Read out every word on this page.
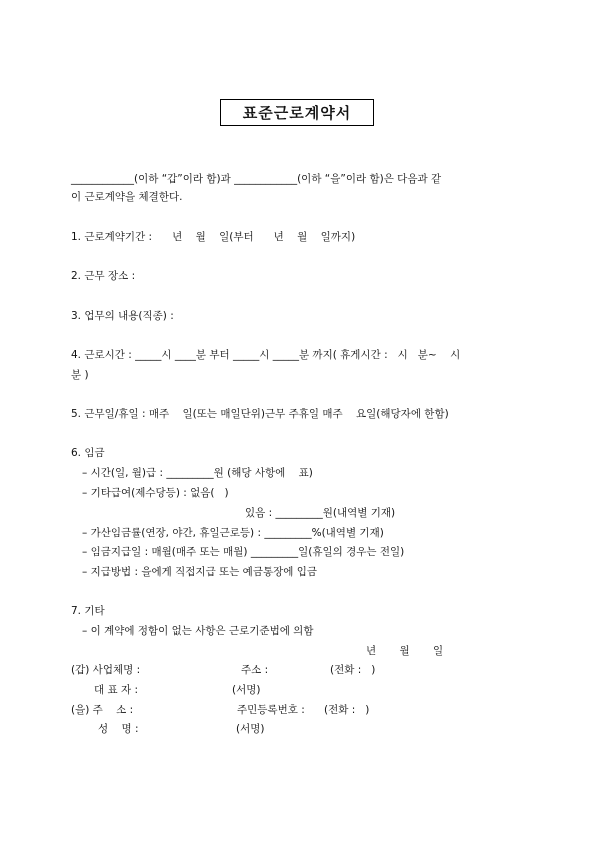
표준근로계약서
____________(이하 “갑”이라 함)과 ____________(이하 “을”이라 함)은 다음과 같
이 근로계약을 체결한다.
1. 근로계약기간 :      년    월    일(부터      년    월    일까지)
2. 근무 장소 :
3. 업무의 내용(직종) :
4. 근로시간 : _____시 ____분 부터 _____시 _____분 까지( 휴게시간 :   시   분~    시
분 )
5. 근무일/휴일 : 매주    일(또는 매일단위)근무 주휴일 매주    요일(해당자에 한함)
6. 임금
– 시간(일, 월)급 : _________원 (해당 사항에    표)
– 기타급여(제수당등) : 없음(   )
있음 : _________원(내역별 기재)
– 가산임금률(연장, 야간, 휴일근로등) : _________%(내역별 기재)
– 임금지급일 : 매월(매주 또는 매월) _________일(휴일의 경우는 전일)
– 지급방법 : 을에게 직접지급 또는 예금통장에 입금
7. 기타
– 이 계약에 정함이 없는 사항은 근로기준법에 의함
년       월       일
(갑) 사업체명 :	주소 :	(전화 :   )
대 표 자 :	(서명)
(을) 주    소 :	주민등록번호 : (전화 :   )
성    명 :	(서명)
